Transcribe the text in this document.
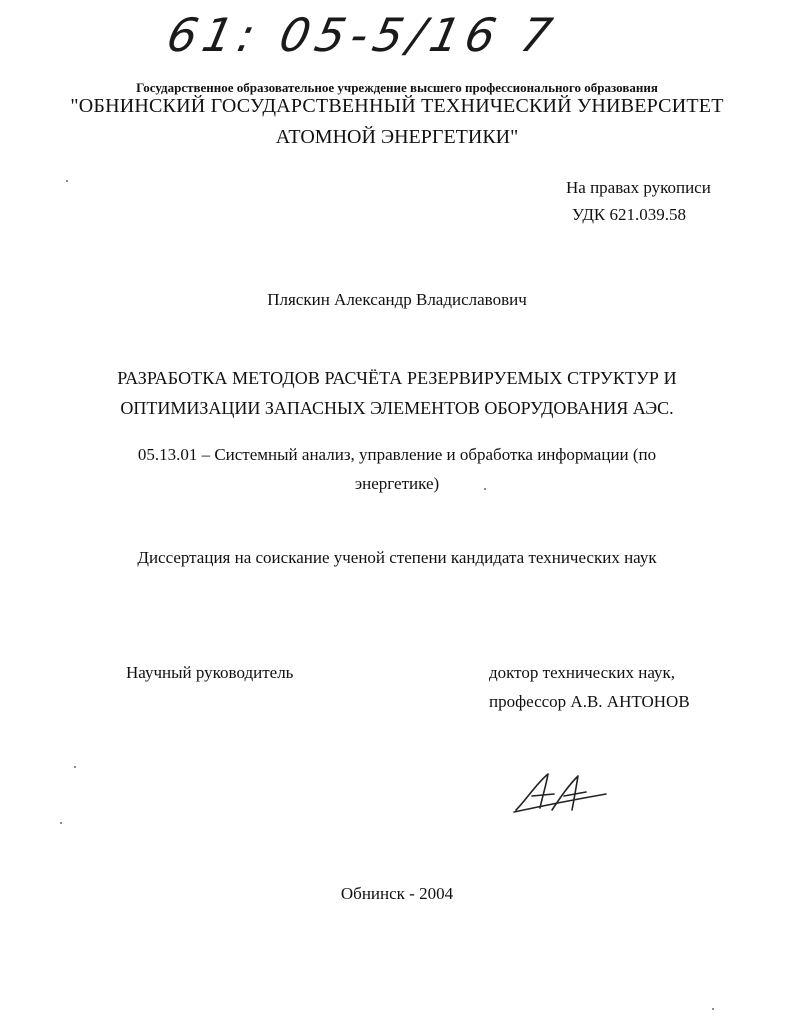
61: 05-5/16 7
Государственное образовательное учреждение высшего профессионального образования
"ОБНИНСКИЙ ГОСУДАРСТВЕННЫЙ ТЕХНИЧЕСКИЙ УНИВЕРСИТЕТ
АТОМНОЙ ЭНЕРГЕТИКИ"
На правах рукописи
УДК 621.039.58
Пляскин Александр Владиславович
РАЗРАБОТКА МЕТОДОВ РАСЧЁТА РЕЗЕРВИРУЕМЫХ СТРУКТУР И
ОПТИМИЗАЦИИ ЗАПАСНЫХ ЭЛЕМЕНТОВ ОБОРУДОВАНИЯ АЭС.
05.13.01 – Системный анализ, управление и обработка информации (по
энергетике)
Диссертация на соискание ученой степени кандидата технических наук
Научный руководитель	доктор технических наук,
профессор А.В. АНТОНОВ
Обнинск - 2004
